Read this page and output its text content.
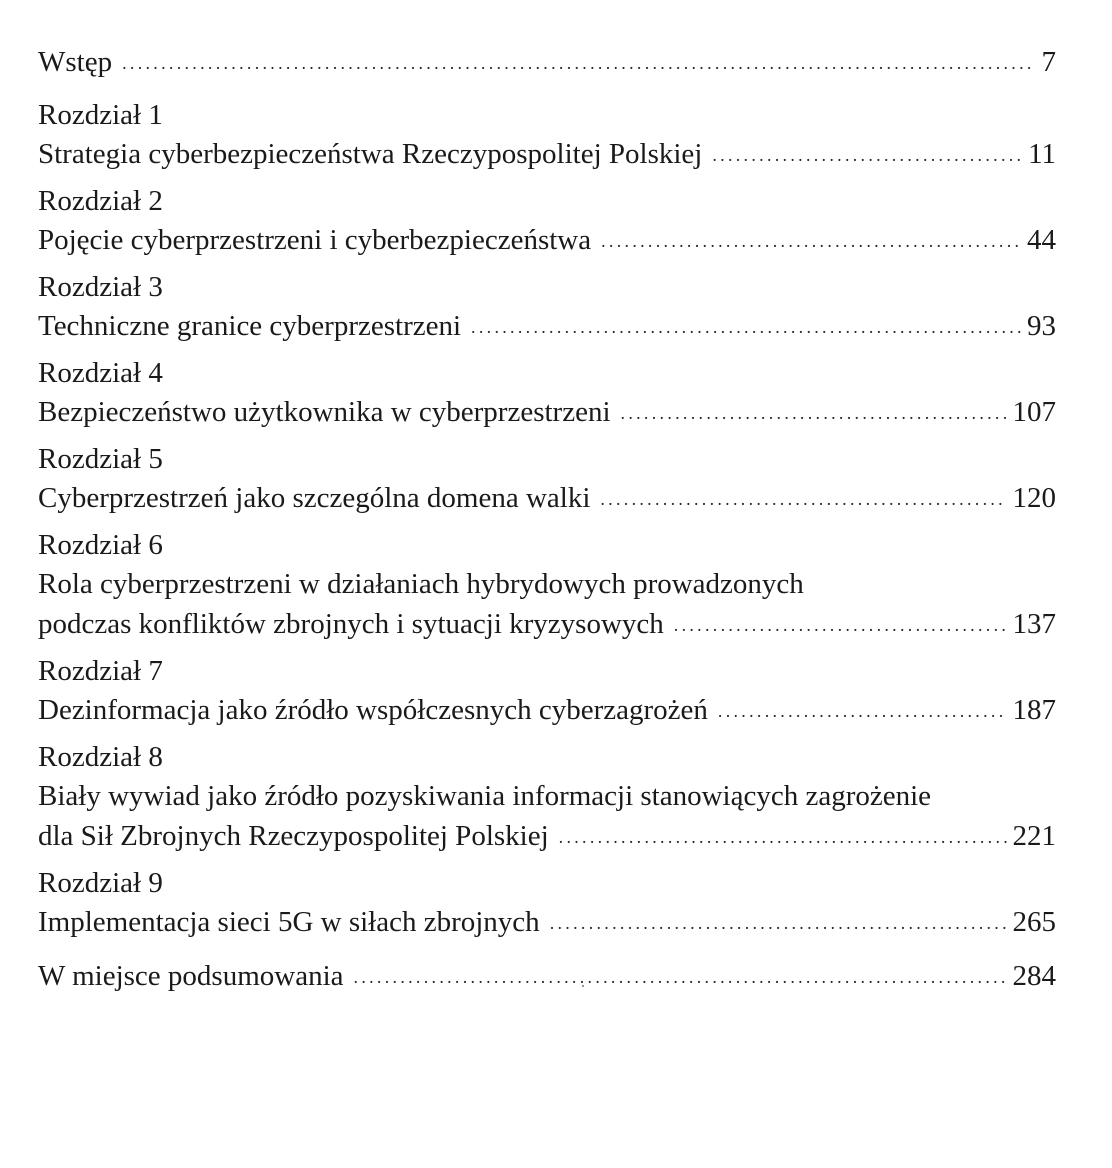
Wstęp . . .	7
Rozdział 1
Strategia cyberbezpieczeństwa Rzeczypospolitej Polskiej . . .	11
Rozdział 2
Pojęcie cyberprzestrzeni i cyberbezpieczeństwa . . .	44
Rozdział 3
Techniczne granice cyberprzestrzeni . . .	93
Rozdział 4
Bezpieczeństwo użytkownika w cyberprzestrzeni . . .	107
Rozdział 5
Cyberprzestrzeń jako szczególna domena walki . . .	120
Rozdział 6
Rola cyberprzestrzeni w działaniach hybrydowych prowadzonych
podczas konfliktów zbrojnych i sytuacji kryzysowych . . .	137
Rozdział 7
Dezinformacja jako źródło współczesnych cyberzagrożeń . . .	187
Rozdział 8
Biały wywiad jako źródło pozyskiwania informacji stanowiących zagrożenie
dla Sił Zbrojnych Rzeczypospolitej Polskiej . . .	221
Rozdział 9
Implementacja sieci 5G w siłach zbrojnych . . .	265
W miejsce podsumowania . . .	284
